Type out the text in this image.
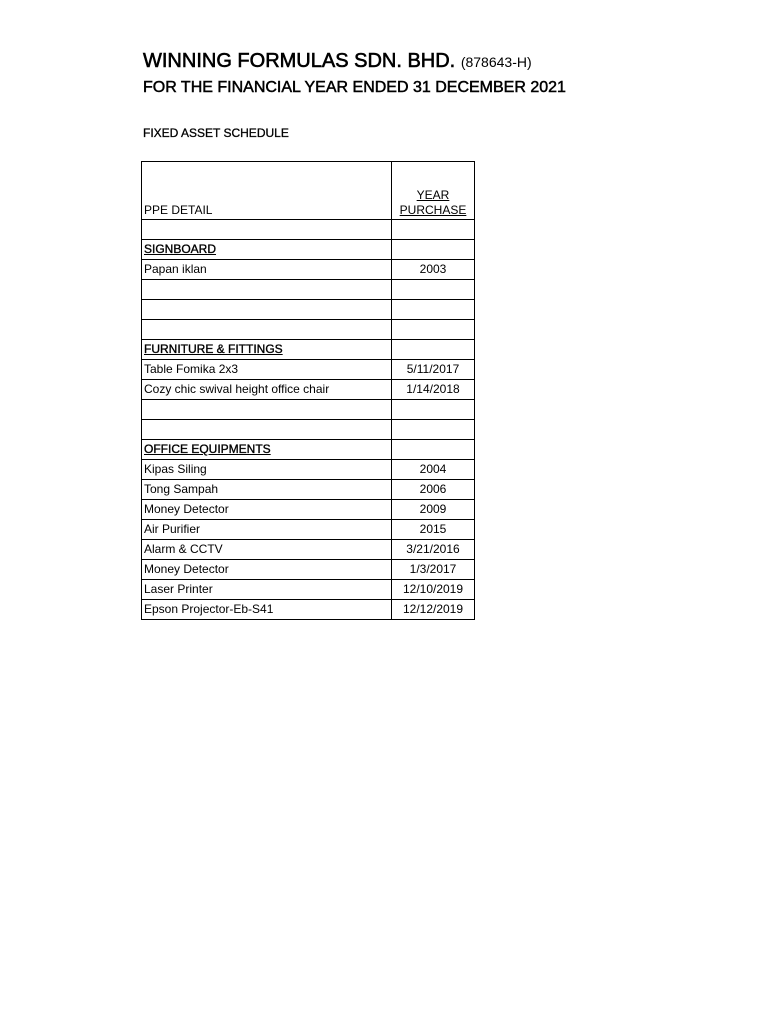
WINNING FORMULAS SDN. BHD. (878643-H)
FOR THE FINANCIAL YEAR ENDED 31 DECEMBER 2021
FIXED ASSET SCHEDULE
PPE DETAIL	YEAR
PURCHASE

SIGNBOARD	
Papan iklan	2003

FURNITURE & FITTINGS	
Table Fomika 2x3	5/11/2017
Cozy chic swival height office chair	1/14/2018

OFFICE EQUIPMENTS	
Kipas Siling	2004
Tong Sampah	2006
Money Detector	2009
Air Purifier	2015
Alarm & CCTV	3/21/2016
Money Detector	1/3/2017
Laser Printer	12/10/2019
Epson Projector-Eb-S41	12/12/2019
